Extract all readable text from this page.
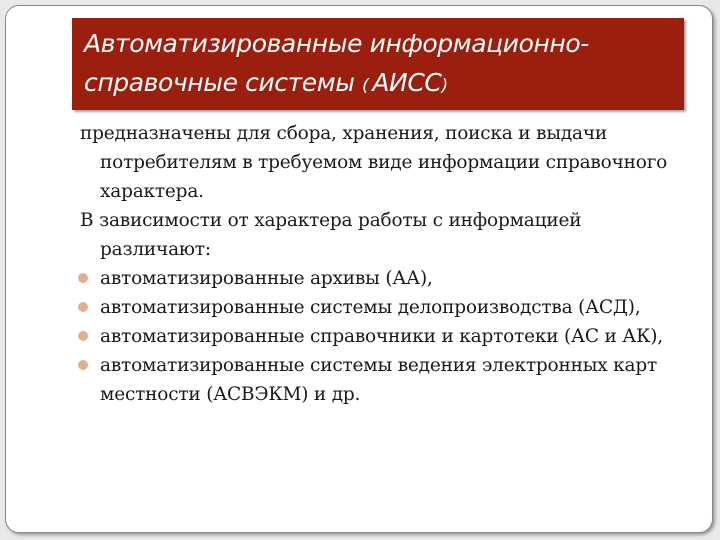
Автоматизированные информационно-
справочные системы ( АИСС)
предназначены для сбора, хранения, поиска и выдачи потребителям в требуемом виде информации справочного характера.
В зависимости от характера работы с информацией различают:
автоматизированные архивы (АА),
автоматизированные системы делопроизводства (АСД),
автоматизированные справочники и картотеки (АС и АК),
автоматизированные системы ведения электронных карт местности (АСВЭКМ) и др.
